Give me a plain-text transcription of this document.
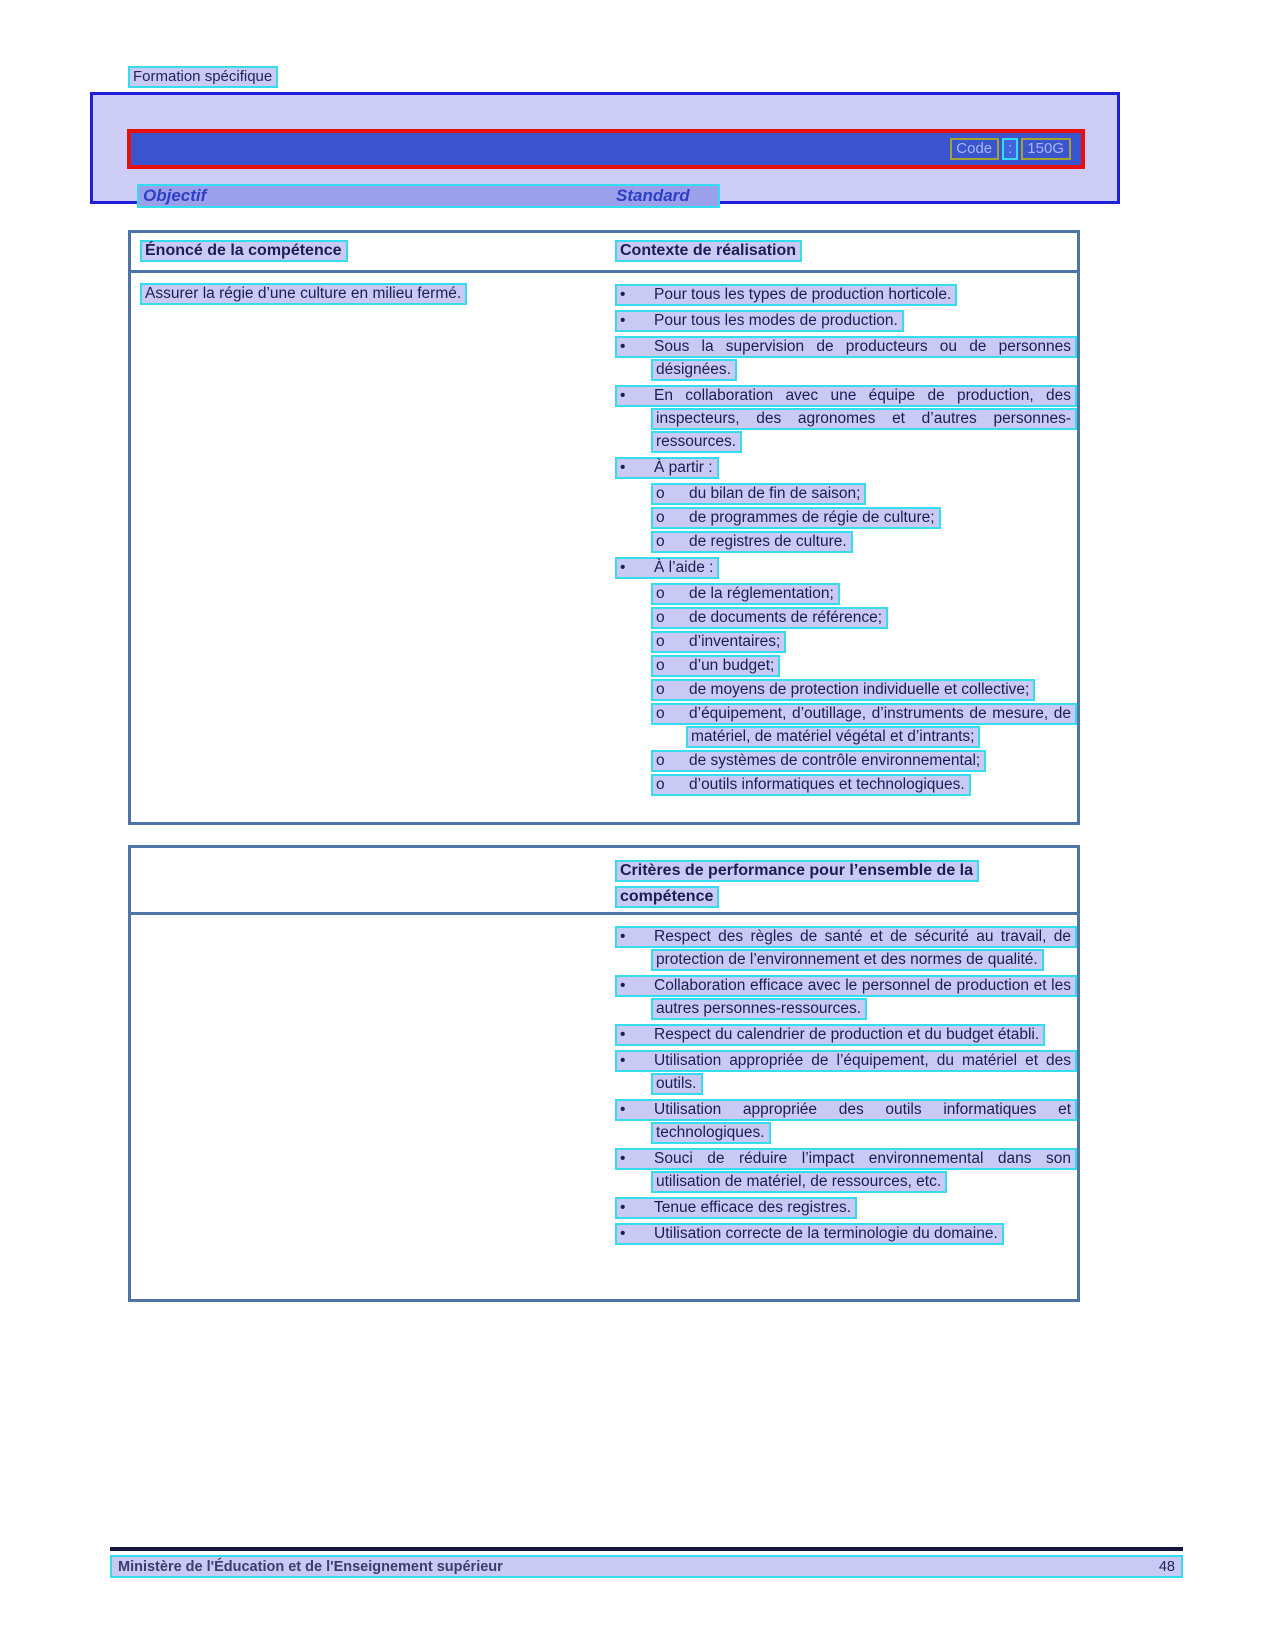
Formation spécifique
Code	:	150G
Objectif	Standard
Énoncé de la compétence	Contexte de réalisation
Assurer la régie d’une culture en milieu fermé.	• Pour tous les types de production horticole.
• Pour tous les modes de production.
• Sous la supervision de producteurs ou de personnes désignées.
• En collaboration avec une équipe de production, des inspecteurs, des agronomes et d’autres personnes-ressources.
• À partir :
o du bilan de fin de saison;
o de programmes de régie de culture;
o de registres de culture.
• À l’aide :
o de la réglementation;
o de documents de référence;
o d’inventaires;
o d’un budget;
o de moyens de protection individuelle et collective;
o d’équipement, d’outillage, d’instruments de mesure, de matériel, de matériel végétal et d’intrants;
o de systèmes de contrôle environnemental;
o d’outils informatiques et technologiques.
Critères de performance pour l’ensemble de la compétence
• Respect des règles de santé et de sécurité au travail, de protection de l’environnement et des normes de qualité.
• Collaboration efficace avec le personnel de production et les autres personnes-ressources.
• Respect du calendrier de production et du budget établi.
• Utilisation appropriée de l’équipement, du matériel et des outils.
• Utilisation appropriée des outils informatiques et technologiques.
• Souci de réduire l’impact environnemental dans son utilisation de matériel, de ressources, etc.
• Tenue efficace des registres.
• Utilisation correcte de la terminologie du domaine.
Ministère de l'Éducation et de l'Enseignement supérieur	48
